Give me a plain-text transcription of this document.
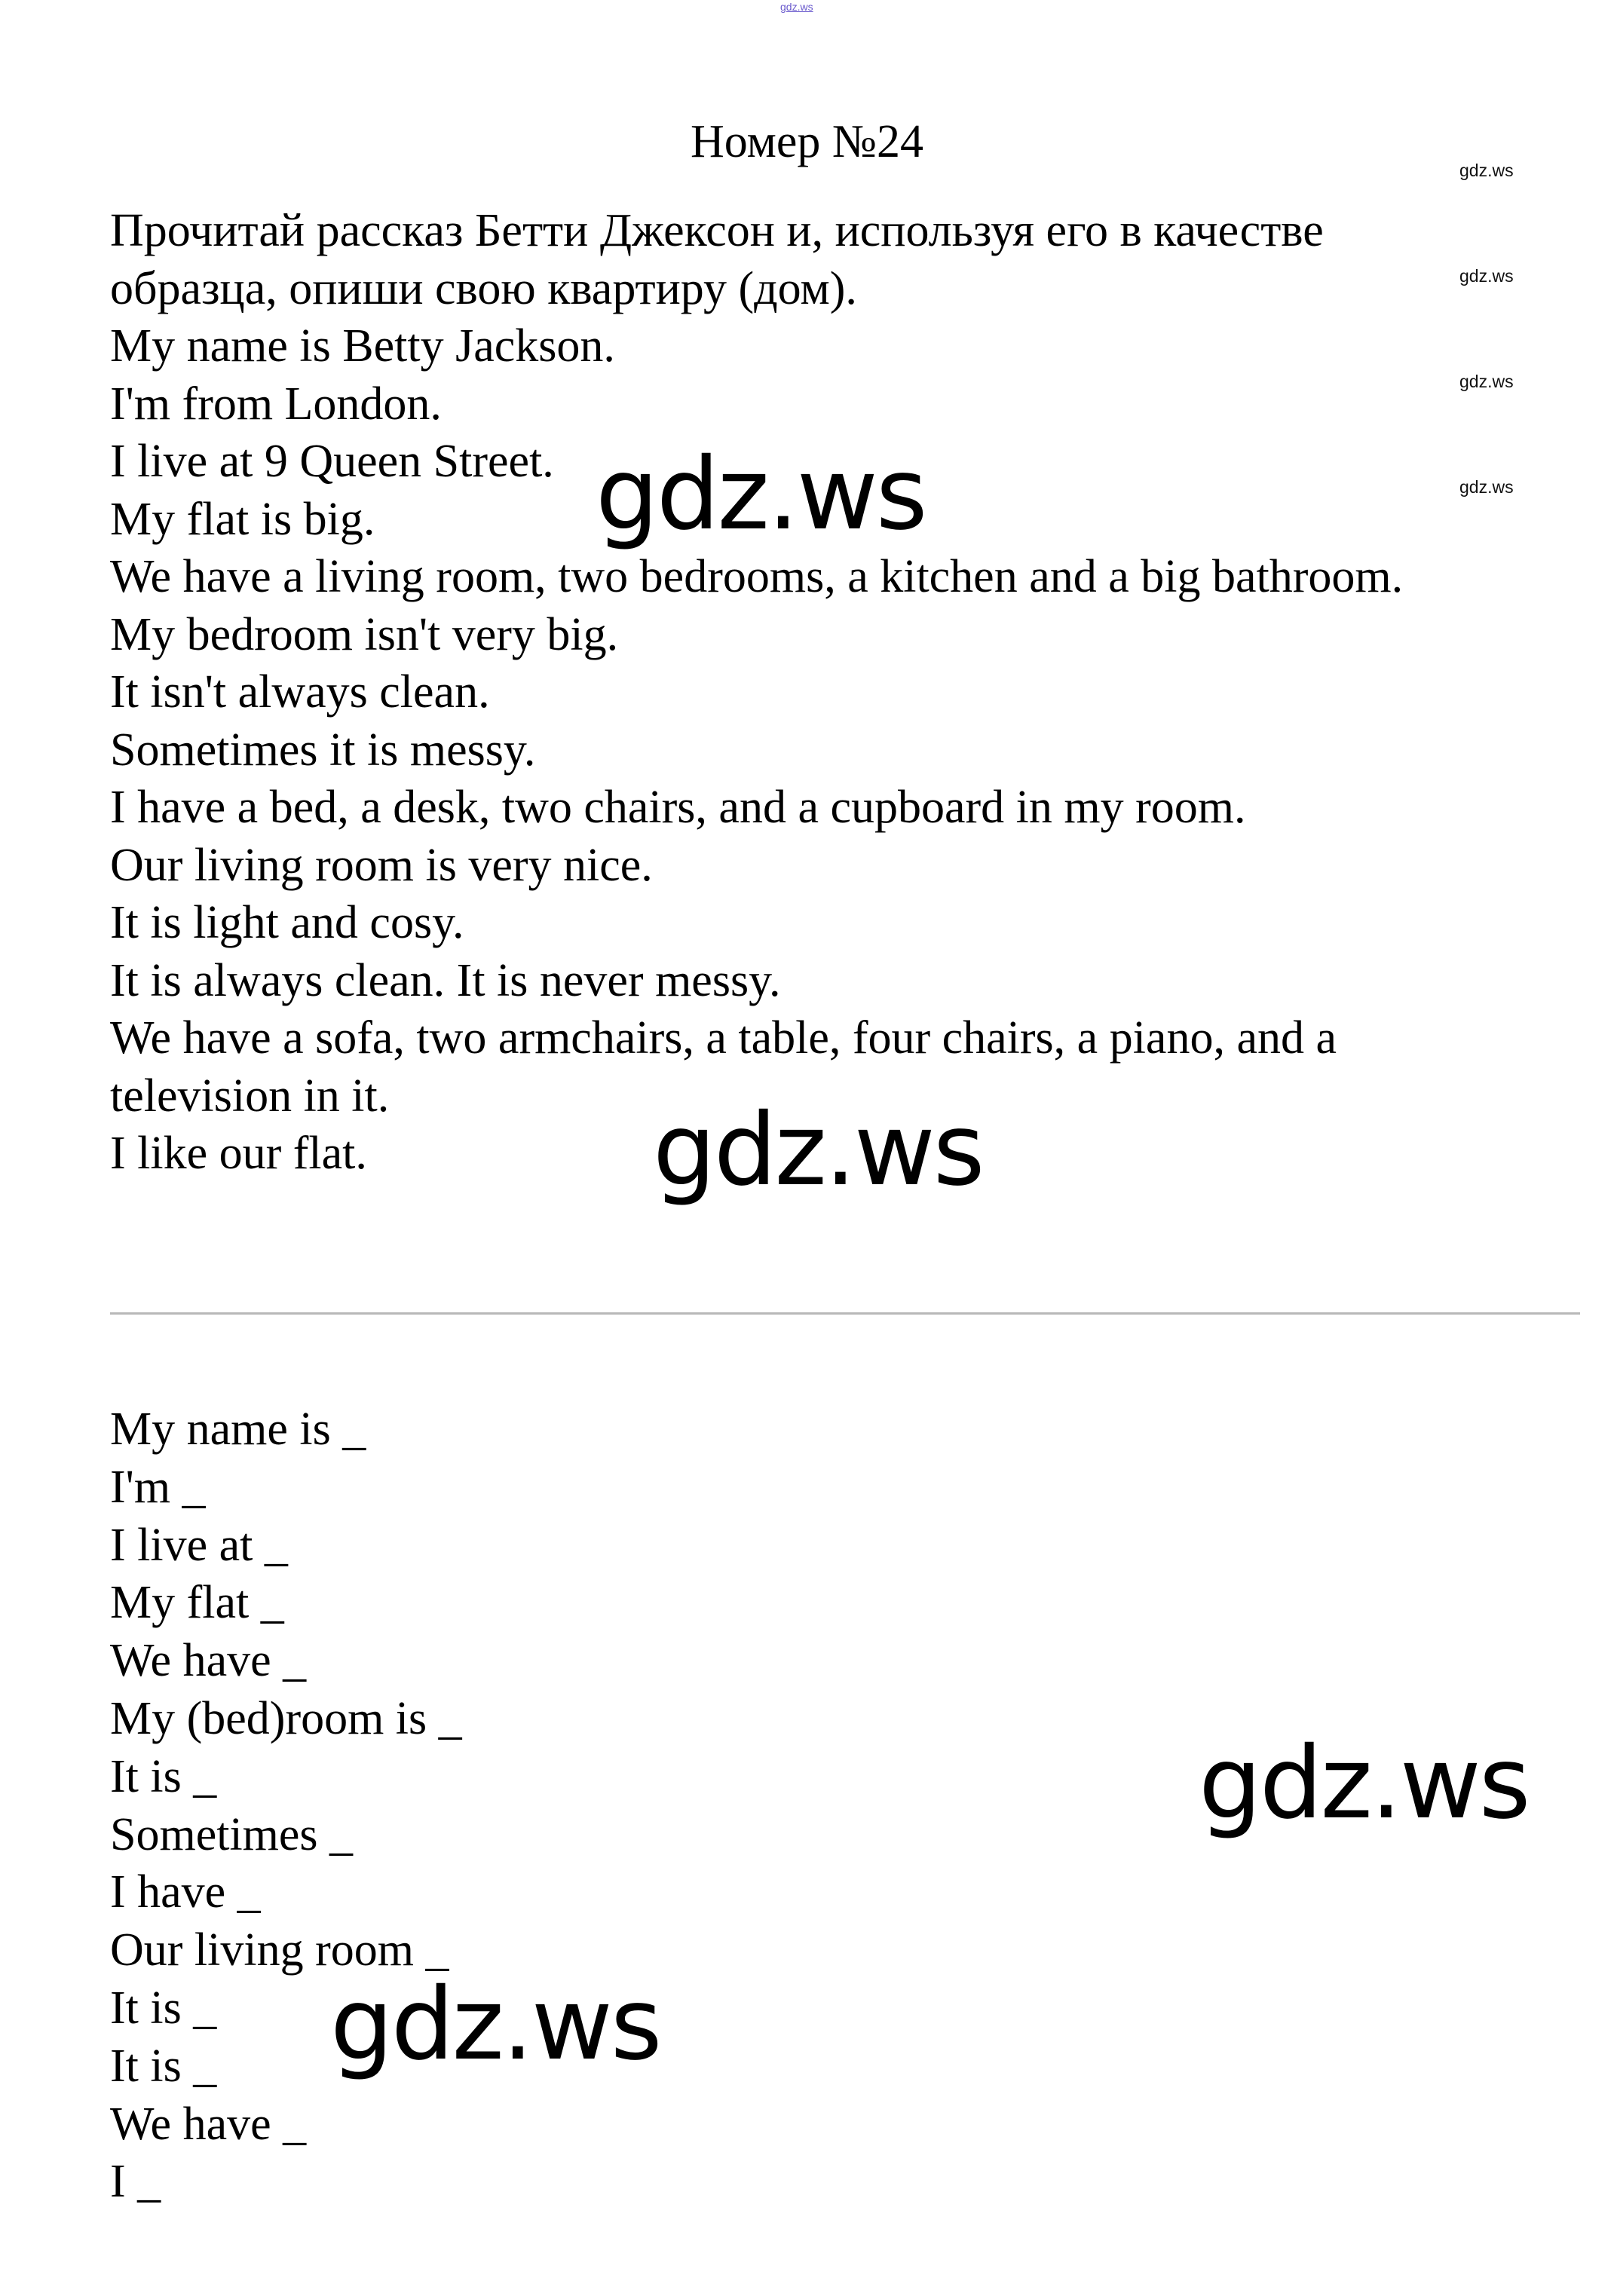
gdz.ws
Номер №24
Прочитай рассказ Бетти Джексон и, используя его в качестве
образца, опиши свою квартиру (дом).
My name is Betty Jackson.
I'm from London.
I live at 9 Queen Street.
My flat is big.
We have a living room, two bedrooms, a kitchen and a big bathroom.
My bedroom isn't very big.
It isn't always clean.
Sometimes it is messy.
I have a bed, a desk, two chairs, and a cupboard in my room.
Our living room is very nice.
It is light and cosy.
It is always clean. It is never messy.
We have a sofa, two armchairs, a table, four chairs, a piano, and a
television in it.
I like our flat.
My name is _
I'm _
I live at _
My flat _
We have _
My (bed)room is _
It is _
Sometimes _
I have _
Our living room _
It is _
It is _
We have _
I _
gdz.ws
gdz.ws
gdz.ws
gdz.ws
gdz.ws
gdz.ws
gdz.ws
gdz.ws
